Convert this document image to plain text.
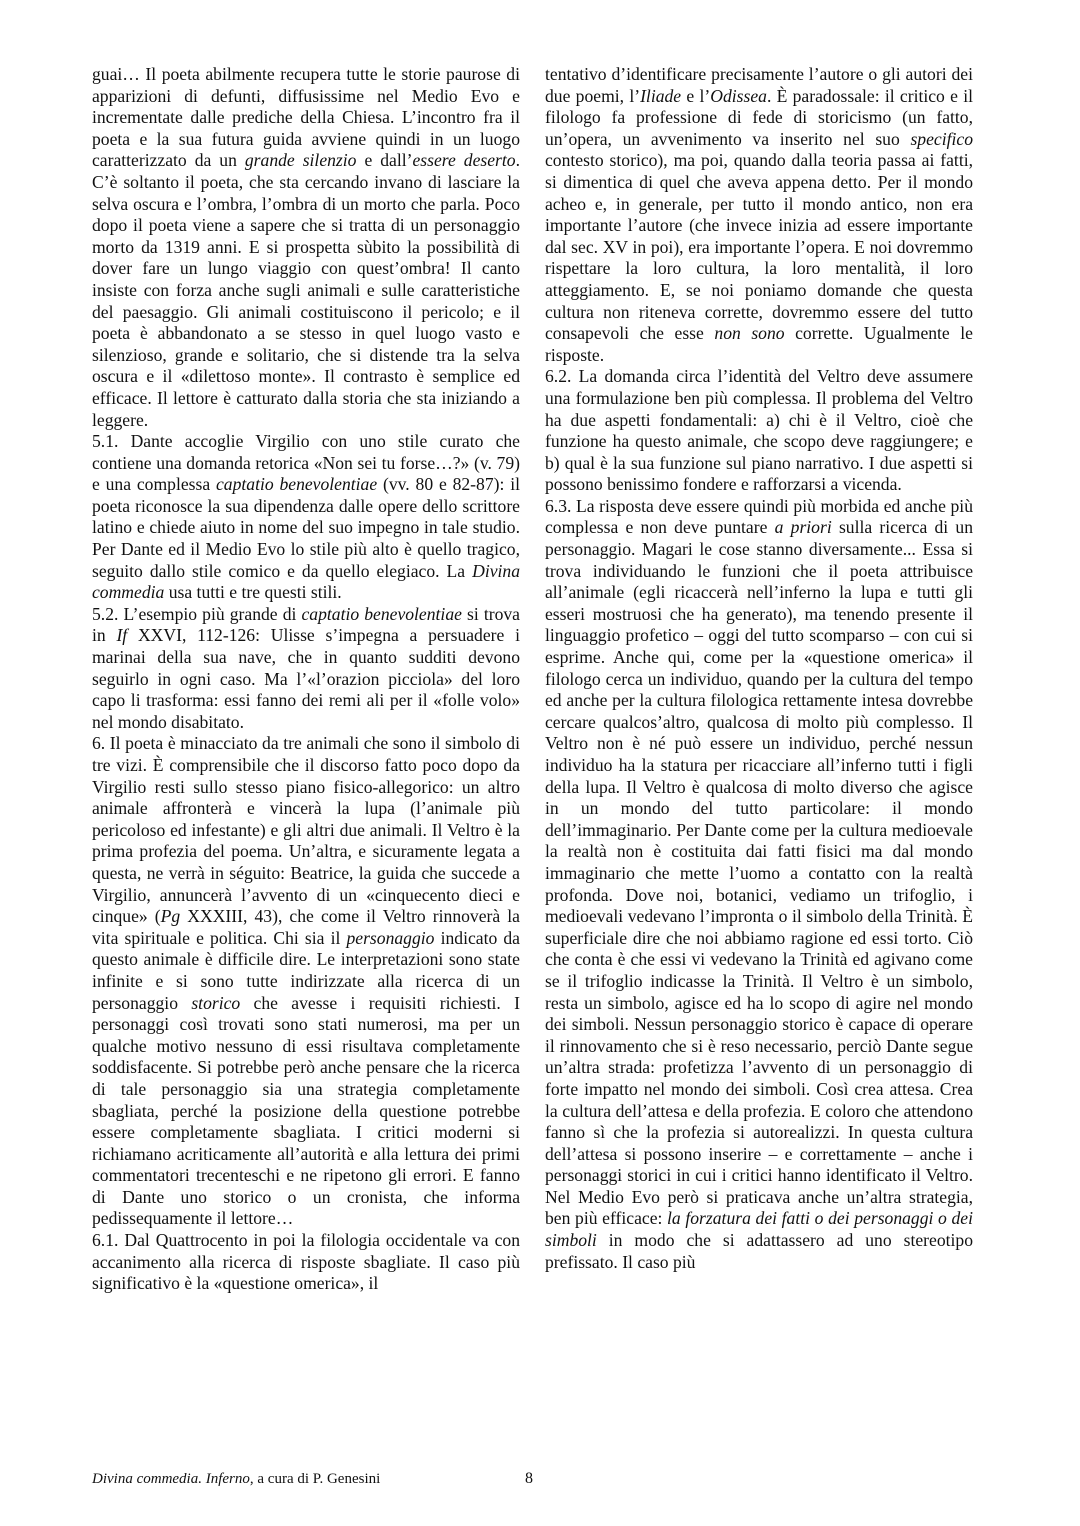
guai… Il poeta abilmente recupera tutte le storie paurose di apparizioni di defunti, diffusissime nel Medio Evo e incrementate dalle prediche della Chiesa. L’incontro fra il poeta e la sua futura guida avviene quindi in un luogo caratterizzato da un grande silenzio e dall’essere deserto. C’è soltanto il poeta, che sta cercando invano di lasciare la selva oscura e l’ombra, l’ombra di un morto che parla. Poco dopo il poeta viene a sapere che si tratta di un personaggio morto da 1319 anni. E si prospetta sùbito la possibilità di dover fare un lungo viaggio con quest’ombra! Il canto insiste con forza anche sugli animali e sulle caratteristiche del paesaggio. Gli animali costituiscono il pericolo; e il poeta è abbandonato a se stesso in quel luogo vasto e silenzioso, grande e solitario, che si distende tra la selva oscura e il «dilettoso monte». Il contrasto è semplice ed efficace. Il lettore è catturato dalla storia che sta iniziando a leggere.

5.1. Dante accoglie Virgilio con uno stile curato che contiene una domanda retorica «Non sei tu forse…?» (v. 79) e una complessa captatio benevolentiae (vv. 80 e 82-87): il poeta riconosce la sua dipendenza dalle opere dello scrittore latino e chiede aiuto in nome del suo impegno in tale studio. Per Dante ed il Medio Evo lo stile più alto è quello tragico, seguito dallo stile comico e da quello elegiaco. La Divina commedia usa tutti e tre questi stili.

5.2. L’esempio più grande di captatio benevolentiae si trova in If XXVI, 112-126: Ulisse s’impegna a persuadere i marinai della sua nave, che in quanto sudditi devono seguirlo in ogni caso. Ma l’«l’orazion picciola» del loro capo li trasforma: essi fanno dei remi ali per il «folle volo» nel mondo disabitato.

6. Il poeta è minacciato da tre animali che sono il simbolo di tre vizi. È comprensibile che il discorso fatto poco dopo da Virgilio resti sullo stesso piano fisico-allegorico: un altro animale affronterà e vincerà la lupa (l’animale più pericoloso ed infestante) e gli altri due animali. Il Veltro è la prima profezia del poema. Un’altra, e sicuramente legata a questa, ne verrà in séguito: Beatrice, la guida che succede a Virgilio, annuncerà l’avvento di un «cinquecento dieci e cinque» (Pg XXXIII, 43), che come il Veltro rinnoverà la vita spirituale e politica. Chi sia il personaggio indicato da questo animale è difficile dire. Le interpretazioni sono state infinite e si sono tutte indirizzate alla ricerca di un personaggio storico che avesse i requisiti richiesti. I personaggi così trovati sono stati numerosi, ma per un qualche motivo nessuno di essi risultava completamente soddisfacente. Si potrebbe però anche pensare che la ricerca di tale personaggio sia una strategia completamente sbagliata, perché la posizione della questione potrebbe essere completamente sbagliata. I critici moderni si richiamano acriticamente all’autorità e alla lettura dei primi commentatori trecenteschi e ne ripetono gli errori. E fanno di Dante uno storico o un cronista, che informa pedissequamente il lettore…

6.1. Dal Quattrocento in poi la filologia occidentale va con accanimento alla ricerca di risposte sbagliate. Il caso più significativo è la «questione omerica», il

tentativo d’identificare precisamente l’autore o gli autori dei due poemi, l’Iliade e l’Odissea. È paradossale: il critico e il filologo fa professione di fede di storicismo (un fatto, un’opera, un avvenimento va inserito nel suo specifico contesto storico), ma poi, quando dalla teoria passa ai fatti, si dimentica di quel che aveva appena detto. Per il mondo acheo e, in generale, per tutto il mondo antico, non era importante l’autore (che invece inizia ad essere importante dal sec. XV in poi), era importante l’opera. E noi dovremmo rispettare la loro cultura, la loro mentalità, il loro atteggiamento. E, se noi poniamo domande che questa cultura non riteneva corrette, dovremmo essere del tutto consapevoli che esse non sono corrette. Ugualmente le risposte.

6.2. La domanda circa l’identità del Veltro deve assumere una formulazione ben più complessa. Il problema del Veltro ha due aspetti fondamentali: a) chi è il Veltro, cioè che funzione ha questo animale, che scopo deve raggiungere; e b) qual è la sua funzione sul piano narrativo. I due aspetti si possono benissimo fondere e rafforzarsi a vicenda.

6.3. La risposta deve essere quindi più morbida ed anche più complessa e non deve puntare a priori sulla ricerca di un personaggio. Magari le cose stanno diversamente... Essa si trova individuando le funzioni che il poeta attribuisce all’animale (egli ricaccerà nell’inferno la lupa e tutti gli esseri mostruosi che ha generato), ma tenendo presente il linguaggio profetico – oggi del tutto scomparso – con cui si esprime. Anche qui, come per la «questione omerica» il filologo cerca un individuo, quando per la cultura del tempo ed anche per la cultura filologica rettamente intesa dovrebbe cercare qualcos’altro, qualcosa di molto più complesso. Il Veltro non è né può essere un individuo, perché nessun individuo ha la statura per ricacciare all’inferno tutti i figli della lupa. Il Veltro è qualcosa di molto diverso che agisce in un mondo del tutto particolare: il mondo dell’immaginario. Per Dante come per la cultura medioevale la realtà non è costituita dai fatti fisici ma dal mondo immaginario che mette l’uomo a contatto con la realtà profonda. Dove noi, botanici, vediamo un trifoglio, i medioevali vedevano l’impronta o il simbolo della Trinità. È superficiale dire che noi abbiamo ragione ed essi torto. Ciò che conta è che essi vi vedevano la Trinità ed agivano come se il trifoglio indicasse la Trinità. Il Veltro è un simbolo, resta un simbolo, agisce ed ha lo scopo di agire nel mondo dei simboli. Nessun personaggio storico è capace di operare il rinnovamento che si è reso necessario, perciò Dante segue un’altra strada: profetizza l’avvento di un personaggio di forte impatto nel mondo dei simboli. Così crea attesa. Crea la cultura dell’attesa e della profezia. E coloro che attendono fanno sì che la profezia si autorealizzi. In questa cultura dell’attesa si possono inserire – e correttamente – anche i personaggi storici in cui i critici hanno identificato il Veltro. Nel Medio Evo però si praticava anche un’altra strategia, ben più efficace: la forzatura dei fatti o dei personaggi o dei simboli in modo che si adattassero ad uno stereotipo prefissato. Il caso più

Divina commedia. Inferno, a cura di P. Genesini	8
